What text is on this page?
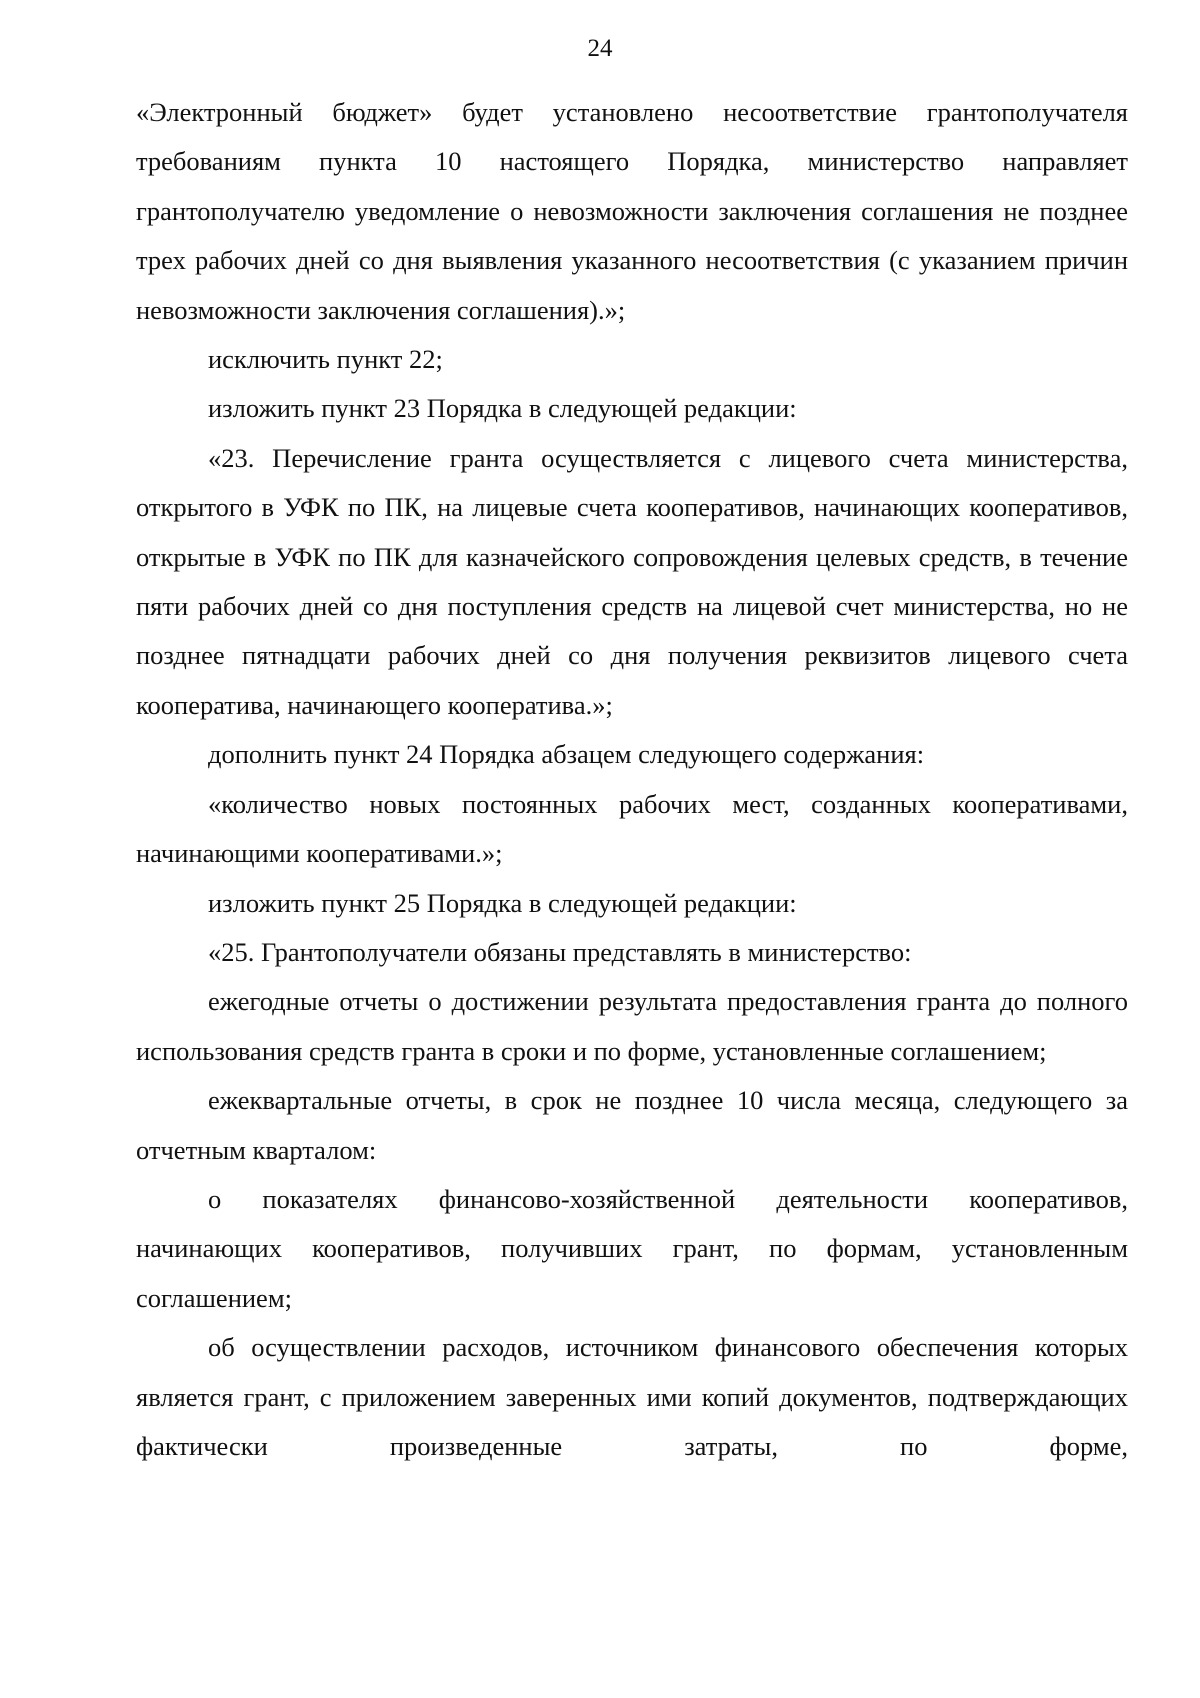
24

«Электронный бюджет» будет установлено несоответствие грантополучателя требованиям пункта 10 настоящего Порядка, министерство направляет грантополучателю уведомление о невозможности заключения соглашения не позднее трех рабочих дней со дня выявления указанного несоответствия (с указанием причин невозможности заключения соглашения).»;

исключить пункт 22;

изложить пункт 23 Порядка в следующей редакции:

«23. Перечисление гранта осуществляется с лицевого счета министерства, открытого в УФК по ПК, на лицевые счета кооперативов, начинающих кооперативов, открытые в УФК по ПК для казначейского сопровождения целевых средств, в течение пяти рабочих дней со дня поступления средств на лицевой счет министерства, но не позднее пятнадцати рабочих дней со дня получения реквизитов лицевого счета кооператива, начинающего кооператива.»;

дополнить пункт 24 Порядка абзацем следующего содержания:

«количество новых постоянных рабочих мест, созданных кооперативами, начинающими кооперативами.»;

изложить пункт 25 Порядка в следующей редакции:

«25. Грантополучатели обязаны представлять в министерство:

ежегодные отчеты о достижении результата предоставления гранта до полного использования средств гранта в сроки и по форме, установленные соглашением;

ежеквартальные отчеты, в срок не позднее 10 числа месяца, следующего за отчетным кварталом:

о показателях финансово-хозяйственной деятельности кооперативов, начинающих кооперативов, получивших грант, по формам, установленным соглашением;

об осуществлении расходов, источником финансового обеспечения которых является грант, с приложением заверенных ими копий документов, подтверждающих фактически произведенные затраты, по форме,
